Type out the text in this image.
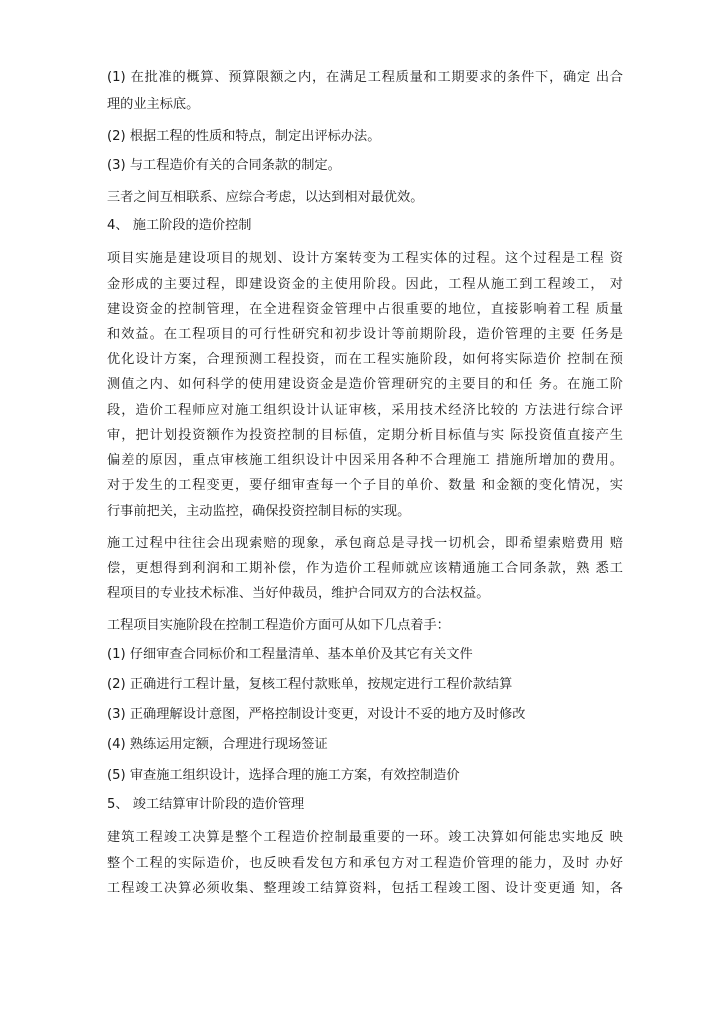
(1) 在批准的概算、预算限额之内，在满足工程质量和工期要求的条件下，确定 出合
理的业主标底。
(2) 根据工程的性质和特点，制定出评标办法。
(3) 与工程造价有关的合同条款的制定。
三者之间互相联系、应综合考虑，以达到相对最优效。
4、 施工阶段的造价控制
项目实施是建设项目的规划、设计方案转变为工程实体的过程。这个过程是工程 资
金形成的主要过程，即建设资金的主使用阶段。因此，工程从施工到工程竣工， 对
建设资金的控制管理，在全进程资金管理中占很重要的地位，直接影响着工程 质量
和效益。在工程项目的可行性研究和初步设计等前期阶段，造价管理的主要 任务是
优化设计方案，合理预测工程投资，而在工程实施阶段，如何将实际造价 控制在预
测值之内、如何科学的使用建设资金是造价管理研究的主要目的和任 务。在施工阶
段，造价工程师应对施工组织设计认证审核，采用技术经济比较的 方法进行综合评
审，把计划投资额作为投资控制的目标值，定期分析目标值与实 际投资值直接产生
偏差的原因，重点审核施工组织设计中因采用各种不合理施工 措施所增加的费用。
对于发生的工程变更，要仔细审查每一个子目的单价、数量 和金额的变化情况，实
行事前把关，主动监控，确保投资控制目标的实现。
施工过程中往往会出现索赔的现象，承包商总是寻找一切机会，即希望索赔费用 赔
偿，更想得到利润和工期补偿，作为造价工程师就应该精通施工合同条款，熟 悉工
程项目的专业技术标准、当好仲裁员，维护合同双方的合法权益。
工程项目实施阶段在控制工程造价方面可从如下几点着手：
(1) 仔细审查合同标价和工程量清单、基本单价及其它有关文件
(2) 正确进行工程计量，复核工程付款账单，按规定进行工程价款结算
(3) 正确理解设计意图，严格控制设计变更，对设计不妥的地方及时修改
(4) 熟练运用定额，合理进行现场签证
(5) 审查施工组织设计，选择合理的施工方案，有效控制造价
5、 竣工结算审计阶段的造价管理
建筑工程竣工决算是整个工程造价控制最重要的一环。竣工决算如何能忠实地反 映
整个工程的实际造价，也反映看发包方和承包方对工程造价管理的能力，及时 办好
工程竣工决算必须收集、整理竣工结算资料，包括工程竣工图、设计变更通 知，各
